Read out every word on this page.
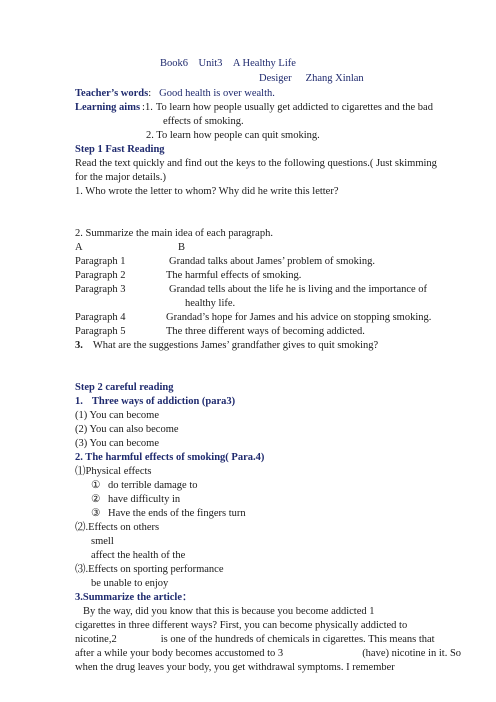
Book6　Unit3　A Healthy Life
Desiger Zhang Xinlan
Teacher’s words: Good health is over wealth.
Learning aims :1. To learn how people usually get addicted to cigarettes and the bad
effects of smoking.
2. To learn how people can quit smoking.
Step 1 Fast Reading
Read the text quickly and find out the keys to the following questions.( Just skimming
for the major details.)
1. Who wrote the letter to whom? Why did he write this letter?
2. Summarize the main idea of each paragraph.
A	B
Paragraph 1	Grandad talks about James’ problem of smoking.
Paragraph 2	The harmful effects of smoking.
Paragraph 3	Grandad tells about the life he is living and the importance of
healthy life.
Paragraph 4	Grandad’s hope for James and his advice on stopping smoking.
Paragraph 5	The three different ways of becoming addicted.
3. What are the suggestions James’ grandfather gives to quit smoking?
Step 2 careful reading
1. Three ways of addiction (para3)
(1) You can become
(2) You can also become
(3) You can become
2. The harmful effects of smoking( Para.4)
⑴Physical effects
① do terrible damage to
② have difficulty in
③ Have the ends of the fingers turn
⑵.Effects on others
smell
affect the health of the
⑶.Effects on sporting performance
be unable to enjoy
3.Summarize the article：
By the way, did you know that this is because you become addicted 1
cigarettes in three different ways? First, you can become physically addicted to
nicotine,2	is one of the hundreds of chemicals in cigarettes. This means that
after a while your body becomes accustomed to 3	(have) nicotine in it. So
when the drug leaves your body, you get withdrawal symptoms. I remember
